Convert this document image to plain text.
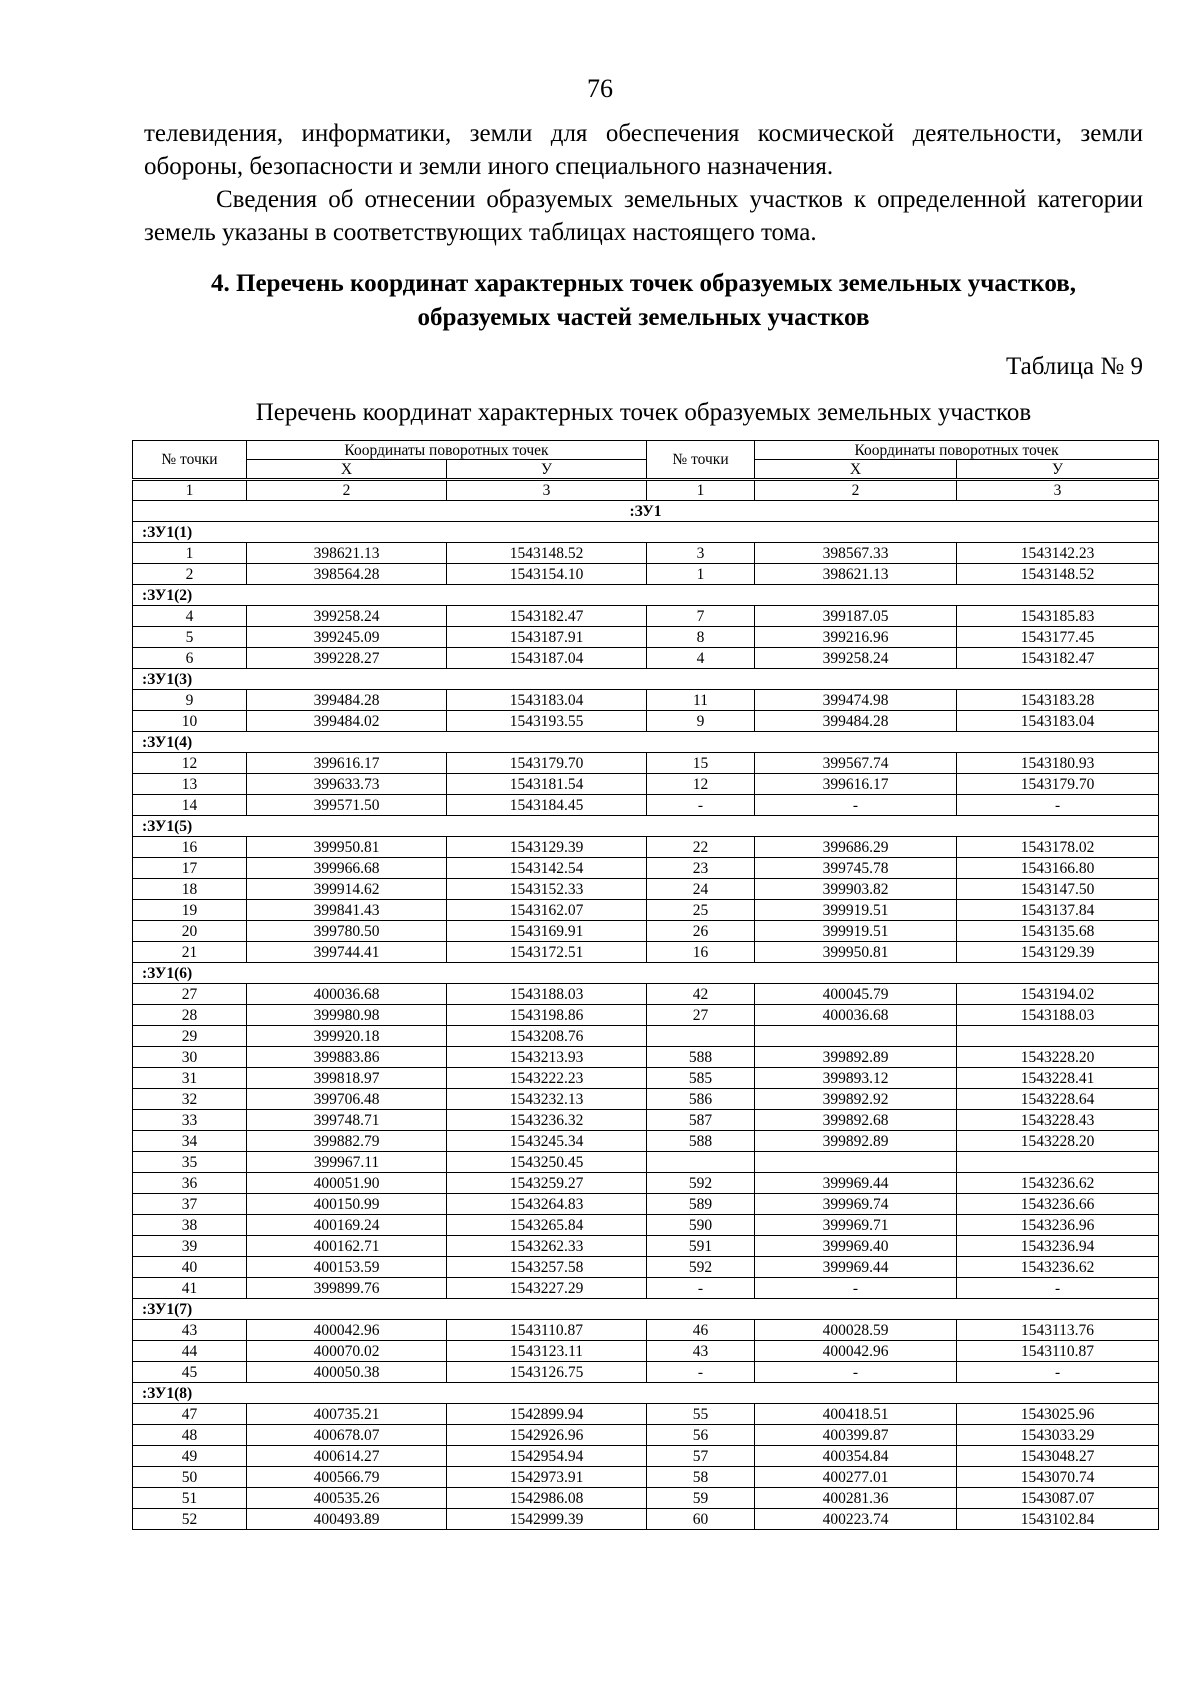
76
телевидения, информатики, земли для обеспечения космической деятельности, земли обороны, безопасности и земли иного специального назначения.
Сведения об отнесении образуемых земельных участков к определенной категории земель указаны в соответствующих таблицах настоящего тома.
4. Перечень координат характерных точек образуемых земельных участков, образуемых частей земельных участков
Таблица № 9
Перечень координат характерных точек образуемых земельных участков
№ точки	Координаты поворотных точек		№ точки	Координаты поворотных точек	
	X	У		X	У
1	2	3	1	2	3
:ЗУ1					
:ЗУ1(1)					
1	398621.13	1543148.52	3	398567.33	1543142.23
2	398564.28	1543154.10	1	398621.13	1543148.52
:ЗУ1(2)					
4	399258.24	1543182.47	7	399187.05	1543185.83
5	399245.09	1543187.91	8	399216.96	1543177.45
6	399228.27	1543187.04	4	399258.24	1543182.47
:ЗУ1(3)					
9	399484.28	1543183.04	11	399474.98	1543183.28
10	399484.02	1543193.55	9	399484.28	1543183.04
:ЗУ1(4)					
12	399616.17	1543179.70	15	399567.74	1543180.93
13	399633.73	1543181.54	12	399616.17	1543179.70
14	399571.50	1543184.45	-	-	-
:ЗУ1(5)					
16	399950.81	1543129.39	22	399686.29	1543178.02
17	399966.68	1543142.54	23	399745.78	1543166.80
18	399914.62	1543152.33	24	399903.82	1543147.50
19	399841.43	1543162.07	25	399919.51	1543137.84
20	399780.50	1543169.91	26	399919.51	1543135.68
21	399744.41	1543172.51	16	399950.81	1543129.39
:ЗУ1(6)					
27	400036.68	1543188.03	42	400045.79	1543194.02
28	399980.98	1543198.86	27	400036.68	1543188.03
29	399920.18	1543208.76			
30	399883.86	1543213.93	588	399892.89	1543228.20
31	399818.97	1543222.23	585	399893.12	1543228.41
32	399706.48	1543232.13	586	399892.92	1543228.64
33	399748.71	1543236.32	587	399892.68	1543228.43
34	399882.79	1543245.34	588	399892.89	1543228.20
35	399967.11	1543250.45			
36	400051.90	1543259.27	592	399969.44	1543236.62
37	400150.99	1543264.83	589	399969.74	1543236.66
38	400169.24	1543265.84	590	399969.71	1543236.96
39	400162.71	1543262.33	591	399969.40	1543236.94
40	400153.59	1543257.58	592	399969.44	1543236.62
41	399899.76	1543227.29	-	-	-
:ЗУ1(7)					
43	400042.96	1543110.87	46	400028.59	1543113.76
44	400070.02	1543123.11	43	400042.96	1543110.87
45	400050.38	1543126.75	-	-	-
:ЗУ1(8)					
47	400735.21	1542899.94	55	400418.51	1543025.96
48	400678.07	1542926.96	56	400399.87	1543033.29
49	400614.27	1542954.94	57	400354.84	1543048.27
50	400566.79	1542973.91	58	400277.01	1543070.74
51	400535.26	1542986.08	59	400281.36	1543087.07
52	400493.89	1542999.39	60	400223.74	1543102.84
